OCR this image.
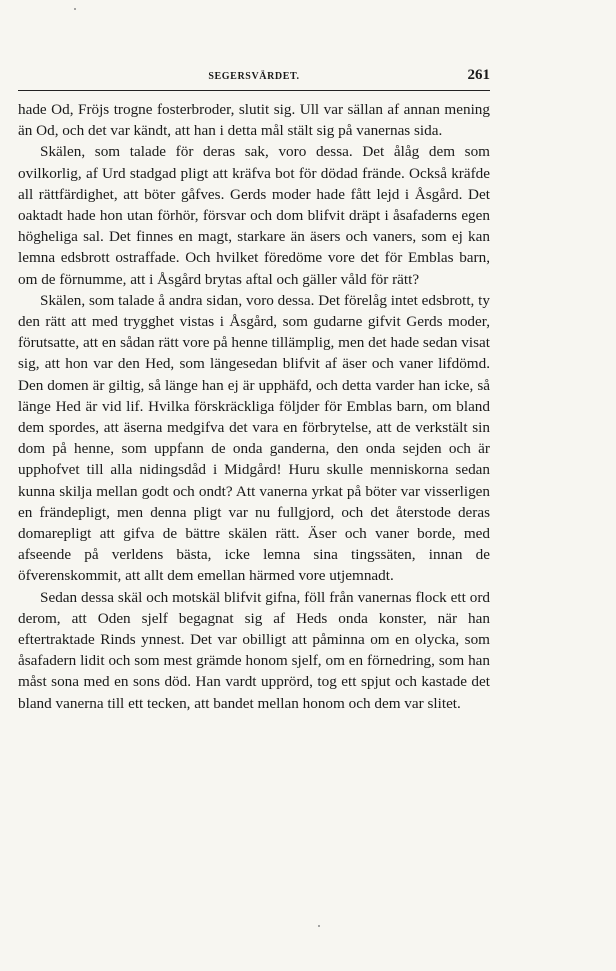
SEGERSVÄRDET.	261

hade Od, Fröjs trogne fosterbroder, slutit sig. Ull var sällan af annan mening än Od, och det var kändt, att han i detta mål stält sig på vanernas sida.

Skälen, som talade för deras sak, voro dessa. Det ålåg dem som ovilkorlig, af Urd stadgad pligt att kräfva bot för dödad frände. Också kräfde all rättfärdighet, att böter gåfves. Gerds moder hade fått lejd i Åsgård. Det oaktadt hade hon utan förhör, försvar och dom blifvit dräpt i åsafaderns egen högheliga sal. Det finnes en magt, starkare än äsers och vaners, som ej kan lemna edsbrott ostraffade. Och hvilket föredöme vore det för Emblas barn, om de förnumme, att i Åsgård brytas aftal och gäller våld för rätt?

Skälen, som talade å andra sidan, voro dessa. Det förelåg intet edsbrott, ty den rätt att med trygghet vistas i Åsgård, som gudarne gifvit Gerds moder, förutsatte, att en sådan rätt vore på henne tillämplig, men det hade sedan visat sig, att hon var den Hed, som längesedan blifvit af äser och vaner lifdömd. Den domen är giltig, så länge han ej är upphäfd, och detta varder han icke, så länge Hed är vid lif. Hvilka förskräckliga följder för Emblas barn, om bland dem spordes, att äserna medgifva det vara en förbrytelse, att de verkstält sin dom på henne, som uppfann de onda ganderna, den onda sejden och är upphofvet till alla nidingsdåd i Midgård! Huru skulle menniskorna sedan kunna skilja mellan godt och ondt? Att vanerna yrkat på böter var visserligen en frändepligt, men denna pligt var nu fullgjord, och det återstode deras domarepligt att gifva de bättre skälen rätt. Äser och vaner borde, med afseende på verldens bästa, icke lemna sina tingssäten, innan de öfverenskommit, att allt dem emellan härmed vore utjemnadt.

Sedan dessa skäl och motskäl blifvit gifna, föll från vanernas flock ett ord derom, att Oden sjelf begagnat sig af Heds onda konster, när han eftertraktade Rinds ynnest. Det var obilligt att påminna om en olycka, som åsafadern lidit och som mest grämde honom sjelf, om en förnedring, som han måst sona med en sons död. Han vardt upprörd, tog ett spjut och kastade det bland vanerna till ett tecken, att bandet mellan honom och dem var slitet.
